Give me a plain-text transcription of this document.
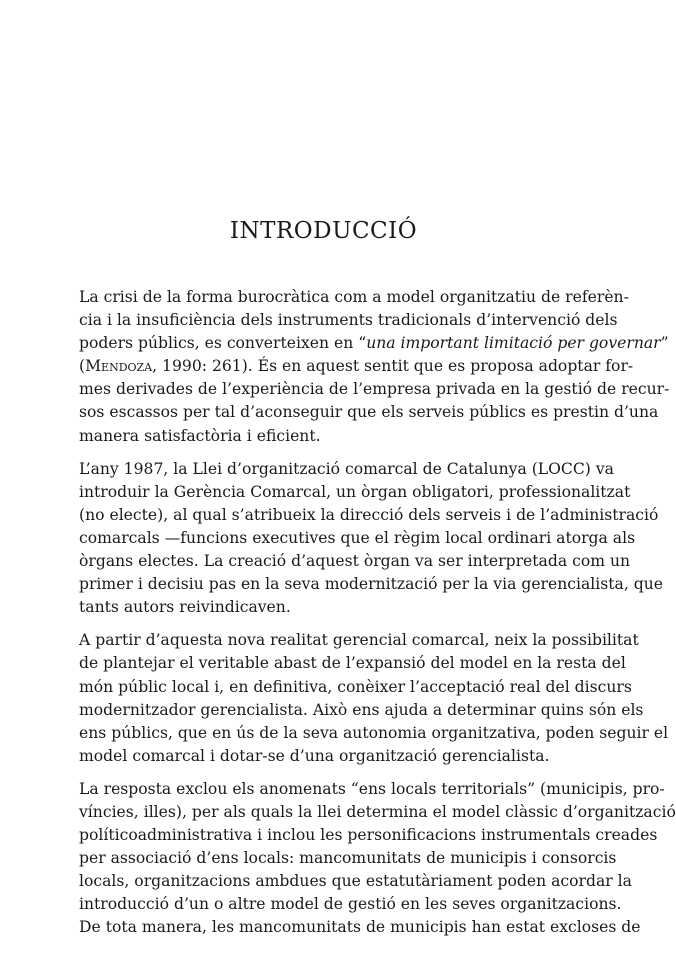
INTRODUCCIÓ

La crisi de la forma burocràtica com a model organitzatiu de referèn-
cia i la insuficiència dels instruments tradicionals d’intervenció dels
poders públics, es converteixen en “una important limitació per governar”
(Mendoza, 1990: 261). És en aquest sentit que es proposa adoptar for-
mes derivades de l’experiència de l’empresa privada en la gestió de recur-
sos escassos per tal d’aconseguir que els serveis públics es prestin d’una
manera satisfactòria i eficient.

L’any 1987, la Llei d’organització comarcal de Catalunya (LOCC) va
introduir la Gerència Comarcal, un òrgan obligatori, professionalitzat
(no electe), al qual s’atribueix la direcció dels serveis i de l’administració
comarcals —funcions executives que el règim local ordinari atorga als
òrgans electes. La creació d’aquest òrgan va ser interpretada com un
primer i decisiu pas en la seva modernització per la via gerencialista, que
tants autors reivindicaven.

A partir d’aquesta nova realitat gerencial comarcal, neix la possibilitat
de plantejar el veritable abast de l’expansió del model en la resta del
món públic local i, en definitiva, conèixer l’acceptació real del discurs
modernitzador gerencialista. Això ens ajuda a determinar quins són els
ens públics, que en ús de la seva autonomia organitzativa, poden seguir el
model comarcal i dotar-se d’una organització gerencialista.

La resposta exclou els anomenats “ens locals territorials” (municipis, pro-
víncies, illes), per als quals la llei determina el model clàssic d’organització
políticoadministrativa i inclou les personificacions instrumentals creades
per associació d’ens locals: mancomunitats de municipis i consorcis
locals, organitzacions ambdues que estatutàriament poden acordar la
introducció d’un o altre model de gestió en les seves organitzacions.
De tota manera, les mancomunitats de municipis han estat excloses de
